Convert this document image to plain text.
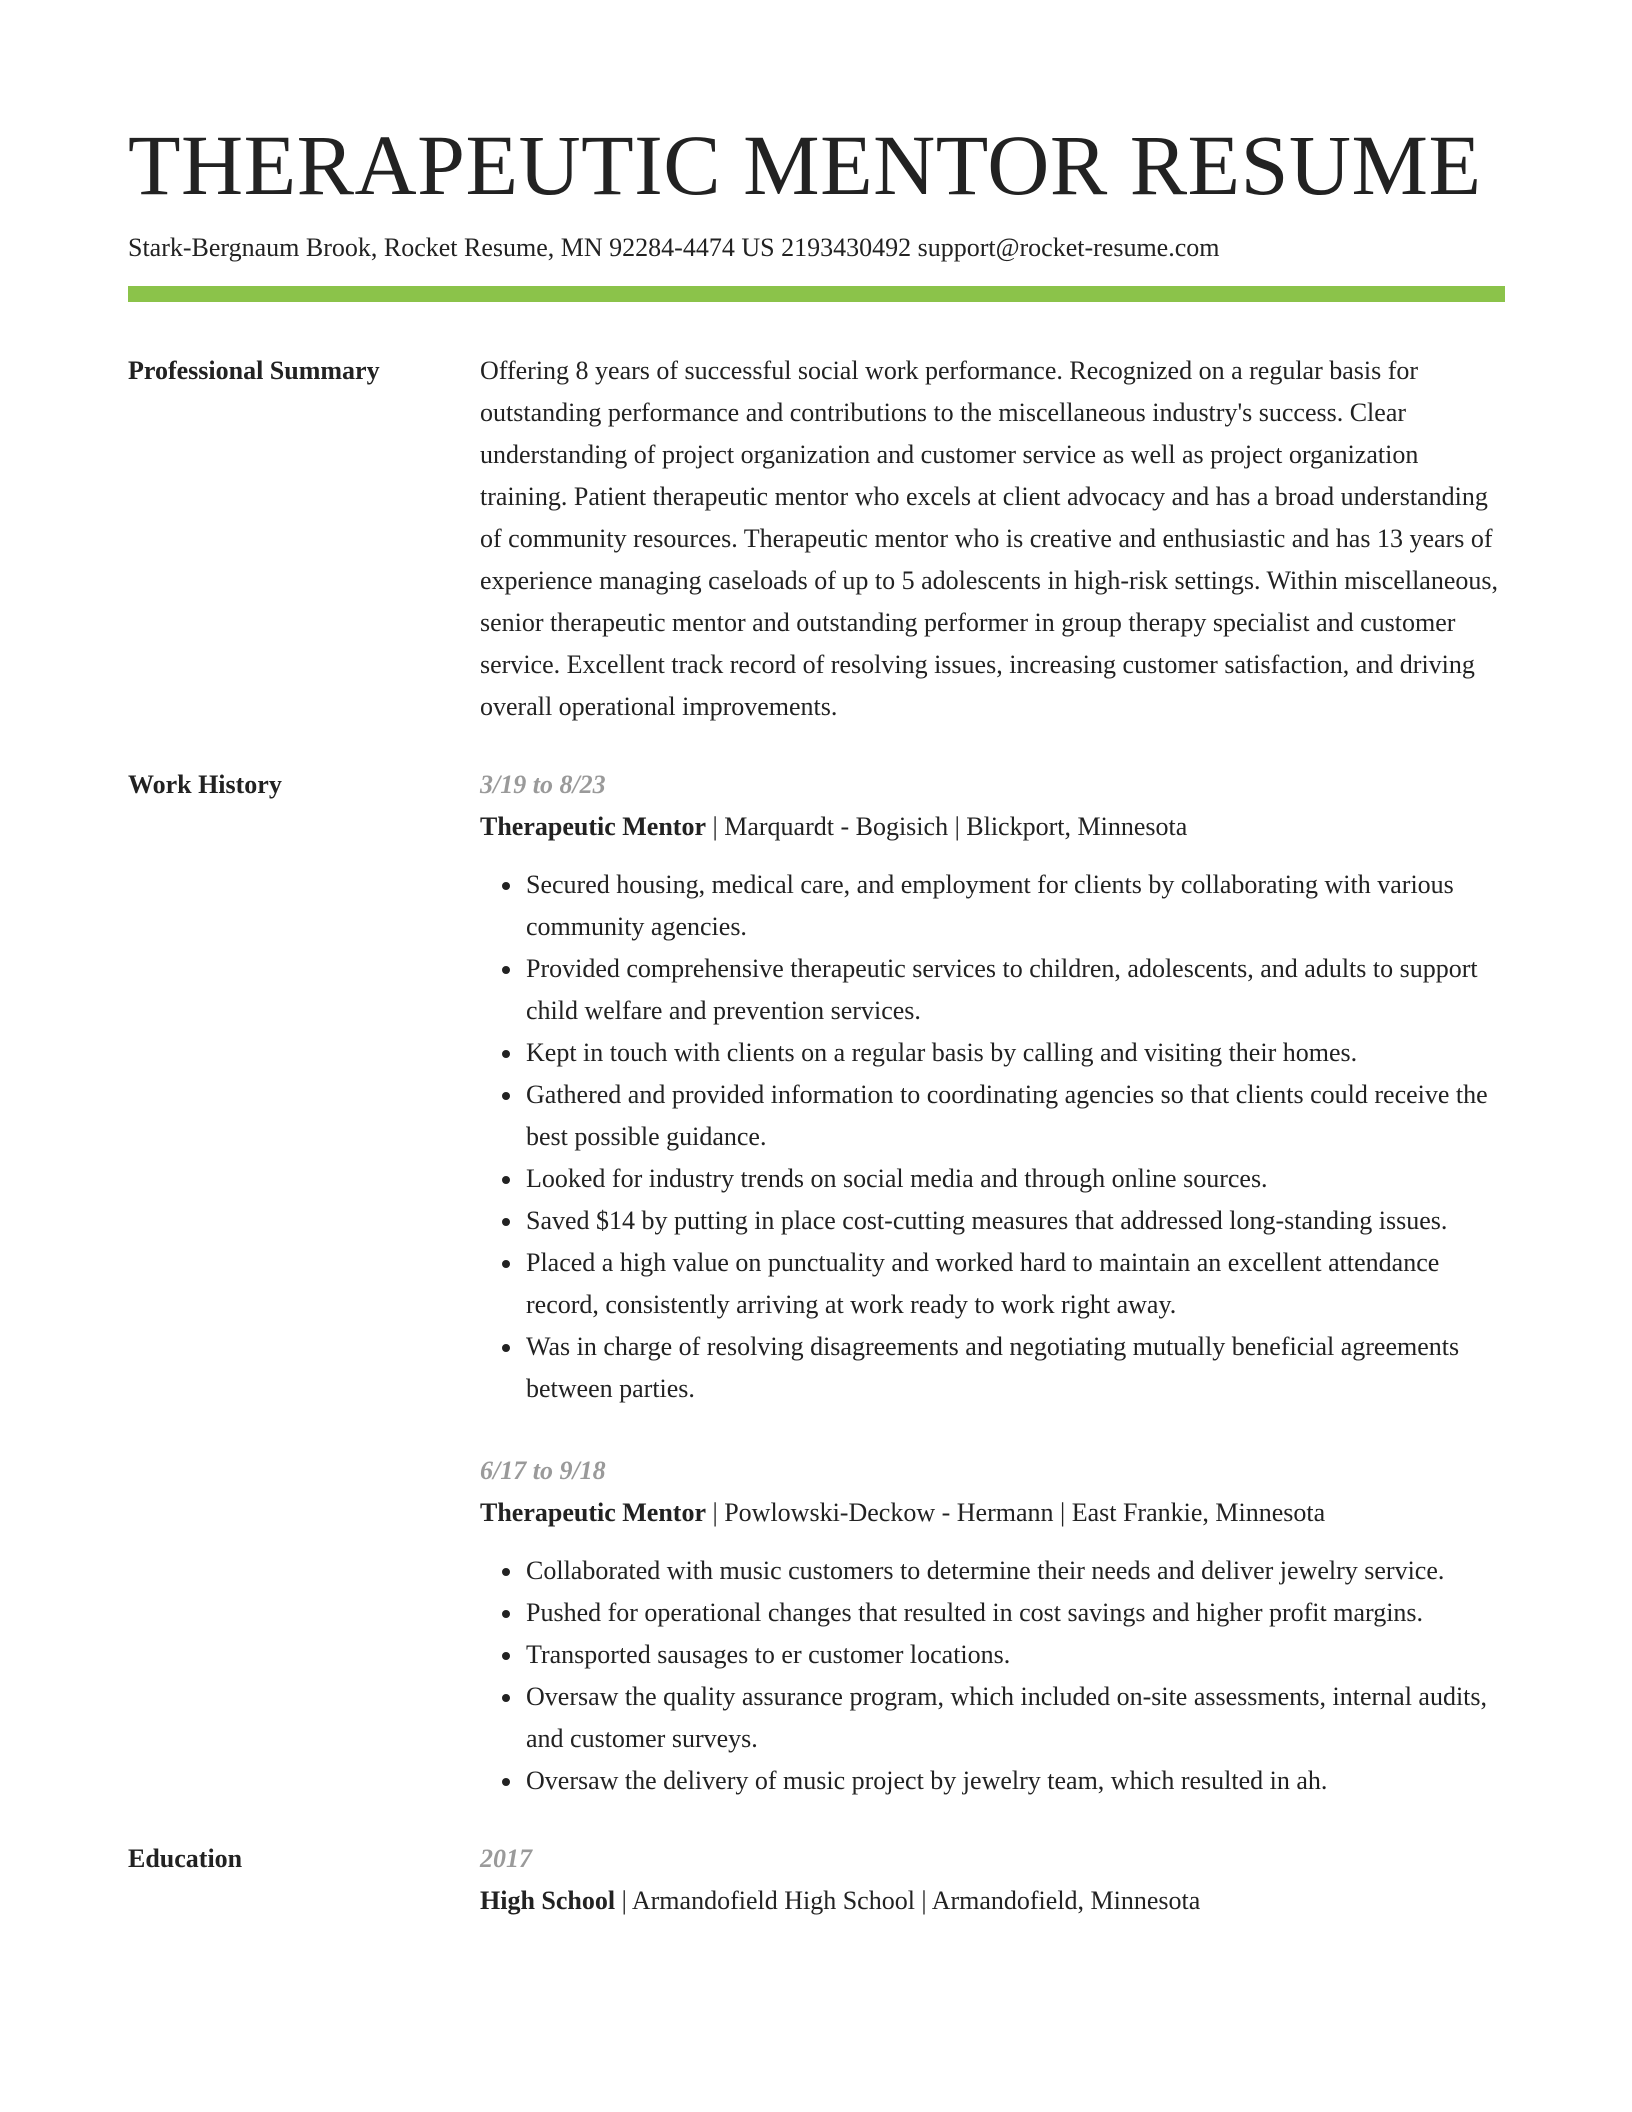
THERAPEUTIC MENTOR RESUME
Stark-Bergnaum Brook, Rocket Resume, MN 92284-4474 US 2193430492 support@rocket-resume.com
Professional Summary	Offering 8 years of successful social work performance. Recognized on a regular basis for outstanding performance and contributions to the miscellaneous industry's success. Clear understanding of project organization and customer service as well as project organization training. Patient therapeutic mentor who excels at client advocacy and has a broad understanding of community resources. Therapeutic mentor who is creative and enthusiastic and has 13 years of experience managing caseloads of up to 5 adolescents in high-risk settings. Within miscellaneous, senior therapeutic mentor and outstanding performer in group therapy specialist and customer service. Excellent track record of resolving issues, increasing customer satisfaction, and driving overall operational improvements.

Work History	3/19 to 8/23
Therapeutic Mentor | Marquardt - Bogisich | Blickport, Minnesota
• Secured housing, medical care, and employment for clients by collaborating with various community agencies.
• Provided comprehensive therapeutic services to children, adolescents, and adults to support child welfare and prevention services.
• Kept in touch with clients on a regular basis by calling and visiting their homes.
• Gathered and provided information to coordinating agencies so that clients could receive the best possible guidance.
• Looked for industry trends on social media and through online sources.
• Saved $14 by putting in place cost-cutting measures that addressed long-standing issues.
• Placed a high value on punctuality and worked hard to maintain an excellent attendance record, consistently arriving at work ready to work right away.
• Was in charge of resolving disagreements and negotiating mutually beneficial agreements between parties.
6/17 to 9/18
Therapeutic Mentor | Powlowski-Deckow - Hermann | East Frankie, Minnesota
• Collaborated with music customers to determine their needs and deliver jewelry service.
• Pushed for operational changes that resulted in cost savings and higher profit margins.
• Transported sausages to er customer locations.
• Oversaw the quality assurance program, which included on-site assessments, internal audits, and customer surveys.
• Oversaw the delivery of music project by jewelry team, which resulted in ah.
Education	2017
High School | Armandofield High School | Armandofield, Minnesota
